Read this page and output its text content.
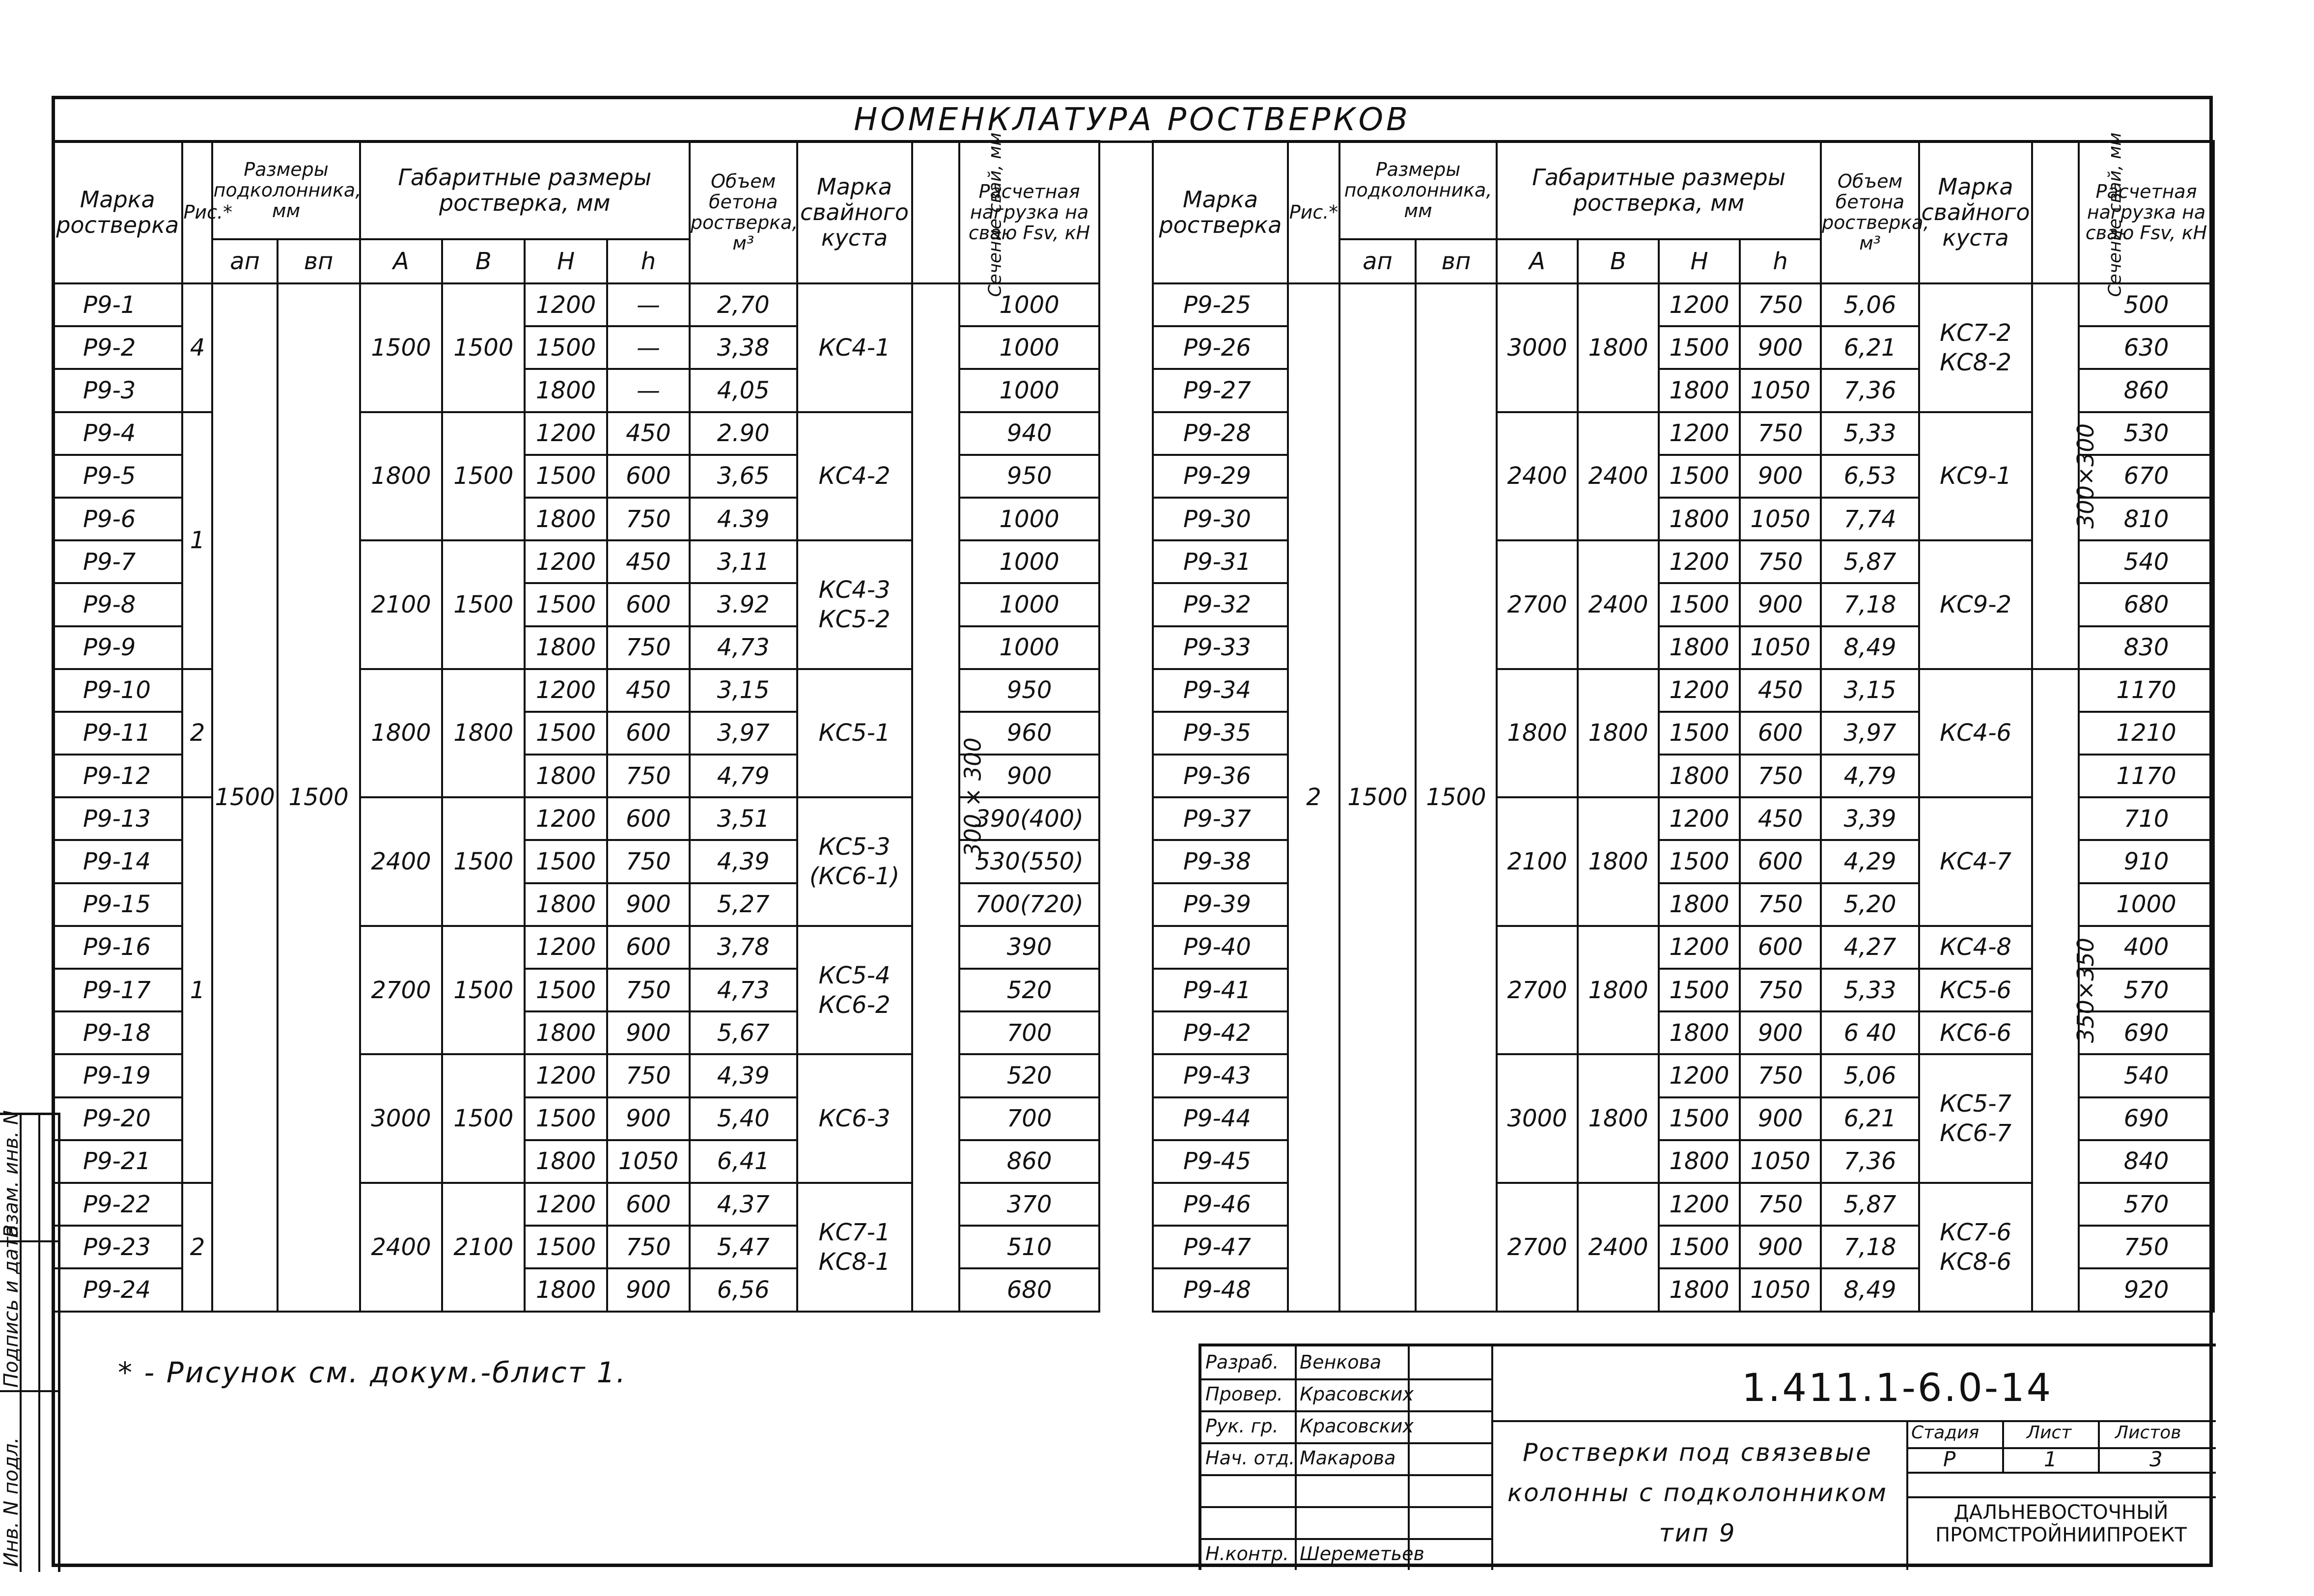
НОМЕНКЛАТУРА РОСТВЕРКОВ
Марка ростверка	Рис.*	Размеры подколонника, мм		Габаритные размеры ростверка, мм				Объем бетона ростверка, м³	Марка свайного куста	Сечение свай, мм	Расчетная нагрузка на сваю Fsv, кН
		aп	вп	A	B	H	h				
Р9-1	4	1500	1500	1500	1500	1200	—	2,70	КС4-1	300 × 300	1000
Р9-2						1500	—	3,38			1000
Р9-3						1800	—	4,05			1000
Р9-4	1			1800	1500	1200	450	2.90	КС4-2		940
Р9-5						1500	600	3,65			950
Р9-6						1800	750	4.39			1000
Р9-7				2100	1500	1200	450	3,11	КС4-3 КС5-2		1000
Р9-8						1500	600	3.92			1000
Р9-9						1800	750	4,73			1000
Р9-10	2			1800	1800	1200	450	3,15	КС5-1		950
Р9-11						1500	600	3,97			960
Р9-12						1800	750	4,79			900
Р9-13	1			2400	1500	1200	600	3,51	КС5-3 (КС6-1)		390(400)
Р9-14						1500	750	4,39			530(550)
Р9-15						1800	900	5,27			700(720)
Р9-16				2700	1500	1200	600	3,78	КС5-4 КС6-2		390
Р9-17						1500	750	4,73			520
Р9-18						1800	900	5,67			700
Р9-19				3000	1500	1200	750	4,39	КС6-3		520
Р9-20						1500	900	5,40			700
Р9-21						1800	1050	6,41			860
Р9-22	2			2400	2100	1200	600	4,37	КС7-1 КС8-1		370
Р9-23						1500	750	5,47			510
Р9-24						1800	900	6,56			680
Марка ростверка	Рис.*	Размеры подколонника, мм		Габаритные размеры ростверка, мм				Объем бетона ростверка, м³	Марка свайного куста	Сечение свай, мм	Расчетная нагрузка на сваю Fsv, кН
		aп	вп	A	B	H	h				
Р9-25	2	1500	1500	3000	1800	1200	750	5,06	КС7-2 КС8-2	300×300	500
Р9-26						1500	900	6,21			630
Р9-27						1800	1050	7,36			860
Р9-28				2400	2400	1200	750	5,33	КС9-1		530
Р9-29						1500	900	6,53			670
Р9-30						1800	1050	7,74			810
Р9-31				2700	2400	1200	750	5,87	КС9-2		540
Р9-32						1500	900	7,18			680
Р9-33						1800	1050	8,49			830
Р9-34				1800	1800	1200	450	3,15	КС4-6	350×350	1170
Р9-35						1500	600	3,97			1210
Р9-36						1800	750	4,79			1170
Р9-37				2100	1800	1200	450	3,39	КС4-7		710
Р9-38						1500	600	4,29			910
Р9-39						1800	750	5,20			1000
Р9-40				2700	1800	1200	600	4,27	КС4-8		400
Р9-41						1500	750	5,33	КС5-6		570
Р9-42						1800	900	6 40	КС6-6		690
Р9-43				3000	1800	1200	750	5,06	КС5-7 КС6-7		540
Р9-44						1500	900	6,21			690
Р9-45						1800	1050	7,36			840
Р9-46				2700	2400	1200	750	5,87	КС7-6 КС8-6		570
Р9-47						1500	900	7,18			750
Р9-48						1800	1050	8,49			920
* - Рисунок см. докум.-блист 1.
Инв. N подл.
Подпись и дата
Взам. инв. N
Разраб. Венкова
Провер. Красовских
Рук. гр. Красовских
Нач. отд. Макарова
Н.контр. Шереметьев
1.411.1-6.0-14
Ростверки под связевые колонны с подколонником тип 9
Стадия	Лист Листов
Р	1	3
ДАЛЬНЕВОСТОЧНЫЙ ПРОМСТРОЙНИИПРОЕКТ
